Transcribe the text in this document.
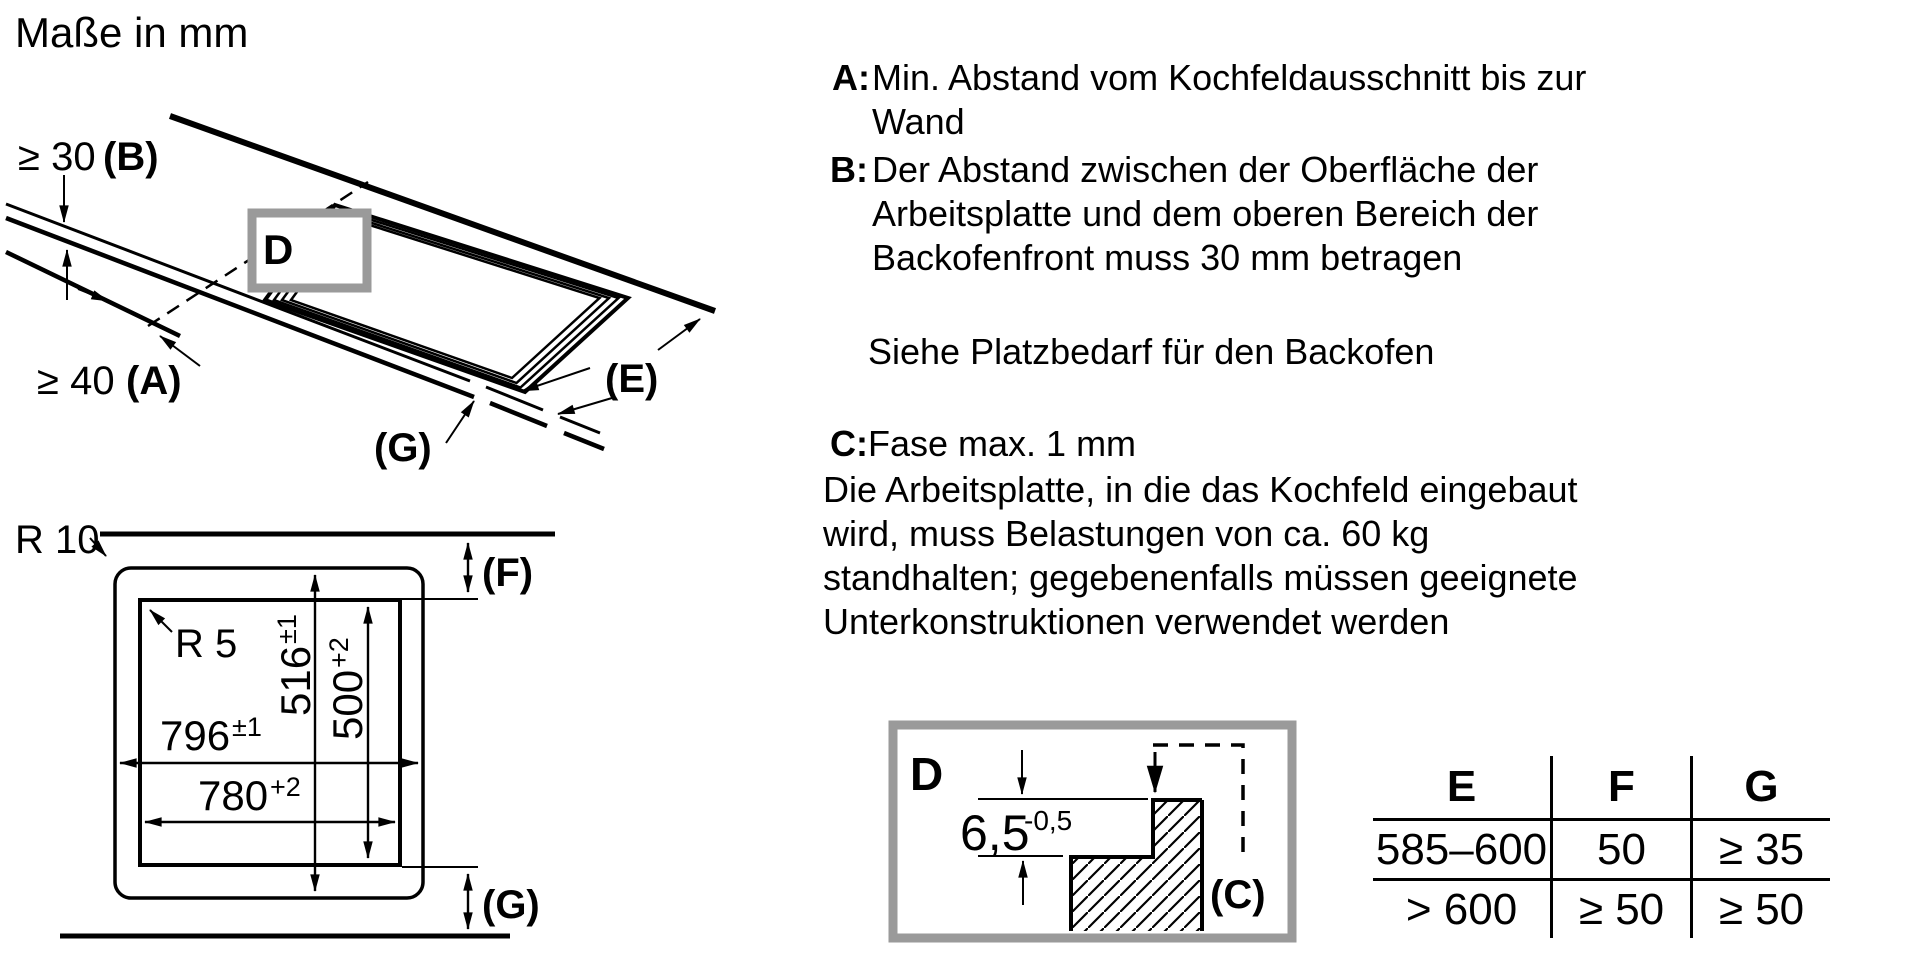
Maße in mm
D
≥ 30 (B)
≥ 40 (A)	(E)
(G)
R 10
R 5
516
±1
500
+2
796 ±1
780 +2
(F)
(G)
D
6,5
-0,5
(C)
A: Min. Abstand vom Kochfeldausschnitt bis zur
Wand
B: Der Abstand zwischen der Oberfläche der
Arbeitsplatte und dem oberen Bereich der
Backofenfront muss 30 mm betragen
Siehe Platzbedarf für den Backofen
C: Fase max. 1 mm
Die Arbeitsplatte, in die das Kochfeld eingebaut
wird, muss Belastungen von ca. 60 kg
standhalten; gegebenenfalls müssen geeignete
Unterkonstruktionen verwendet werden
E	F	G
585–600	50	≥ 35
> 600	≥ 50	≥ 50
